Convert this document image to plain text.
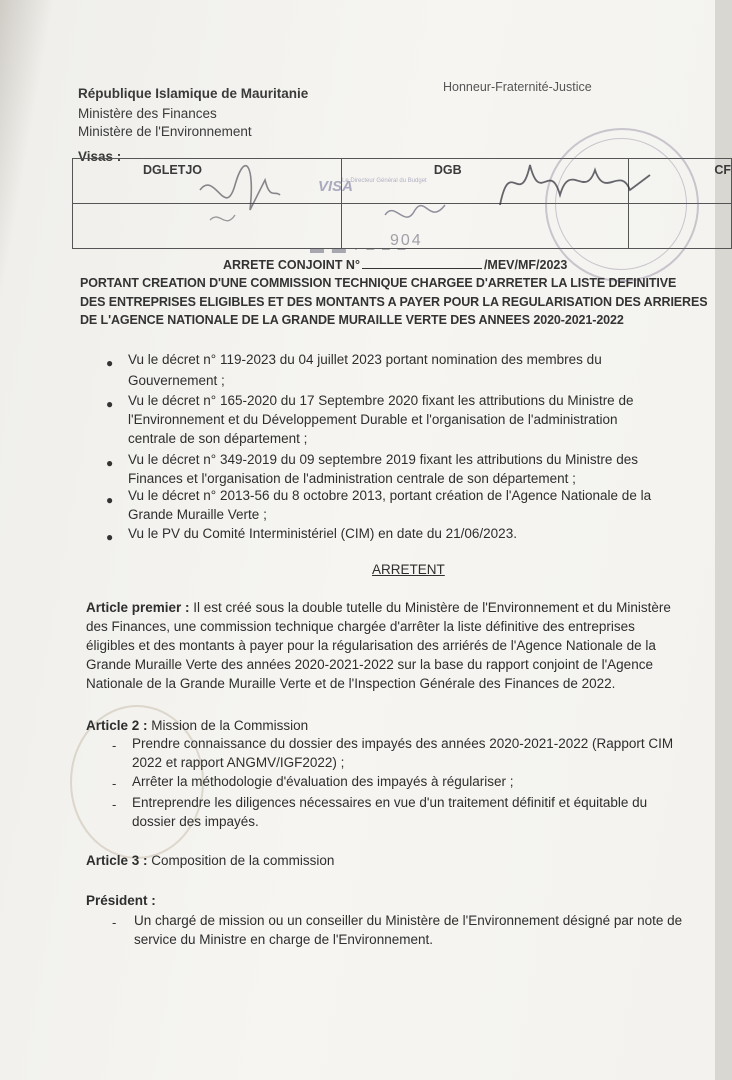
République Islamique de Mauritanie
Ministère des Finances
Ministère de l'Environnement
Honneur-Fraternité-Justice
Visas :
DGLETJO	DGB	CF

VISA
Le Directeur Général du Budget
904
▬ ▬ · ‒ ‒ ‒
ARRETE CONJOINT N°	/MEV/MF/2023
PORTANT CREATION D'UNE COMMISSION TECHNIQUE CHARGEE D'ARRETER LA LISTE DEFINITIVE
DES ENTREPRISES ELIGIBLES ET DES MONTANTS A PAYER POUR LA REGULARISATION DES ARRIERES
DE L'AGENCE NATIONALE DE LA GRANDE MURAILLE VERTE DES ANNEES 2020-2021-2022
● Vu le décret n° 119-2023 du 04 juillet 2023 portant nomination des membres du
Gouvernement ;
● Vu le décret n° 165-2020 du 17 Septembre 2020 fixant les attributions du Ministre de
l'Environnement et du Développement Durable et l'organisation de l'administration
centrale de son département ;
● Vu le décret n° 349-2019 du 09 septembre 2019 fixant les attributions du Ministre des
Finances et l'organisation de l'administration centrale de son département ;
● Vu le décret n° 2013-56 du 8 octobre 2013, portant création de l'Agence Nationale de la
Grande Muraille Verte ;
● Vu le PV du Comité Interministériel (CIM) en date du 21/06/2023.
ARRETENT
Article premier : Il est créé sous la double tutelle du Ministère de l'Environnement et du Ministère
des Finances, une commission technique chargée d'arrêter la liste définitive des entreprises
éligibles et des montants à payer pour la régularisation des arriérés de l'Agence Nationale de la
Grande Muraille Verte des années 2020-2021-2022 sur la base du rapport conjoint de l'Agence
Nationale de la Grande Muraille Verte et de l'Inspection Générale des Finances de 2022.
Article 2 : Mission de la Commission
- Prendre connaissance du dossier des impayés des années 2020-2021-2022 (Rapport CIM
2022 et rapport ANGMV/IGF2022) ;
- Arrêter la méthodologie d'évaluation des impayés à régulariser ;
- Entreprendre les diligences nécessaires en vue d'un traitement définitif et équitable du
dossier des impayés.
Article 3 : Composition de la commission
Président :
- Un chargé de mission ou un conseiller du Ministère de l'Environnement désigné par note de
service du Ministre en charge de l'Environnement.
